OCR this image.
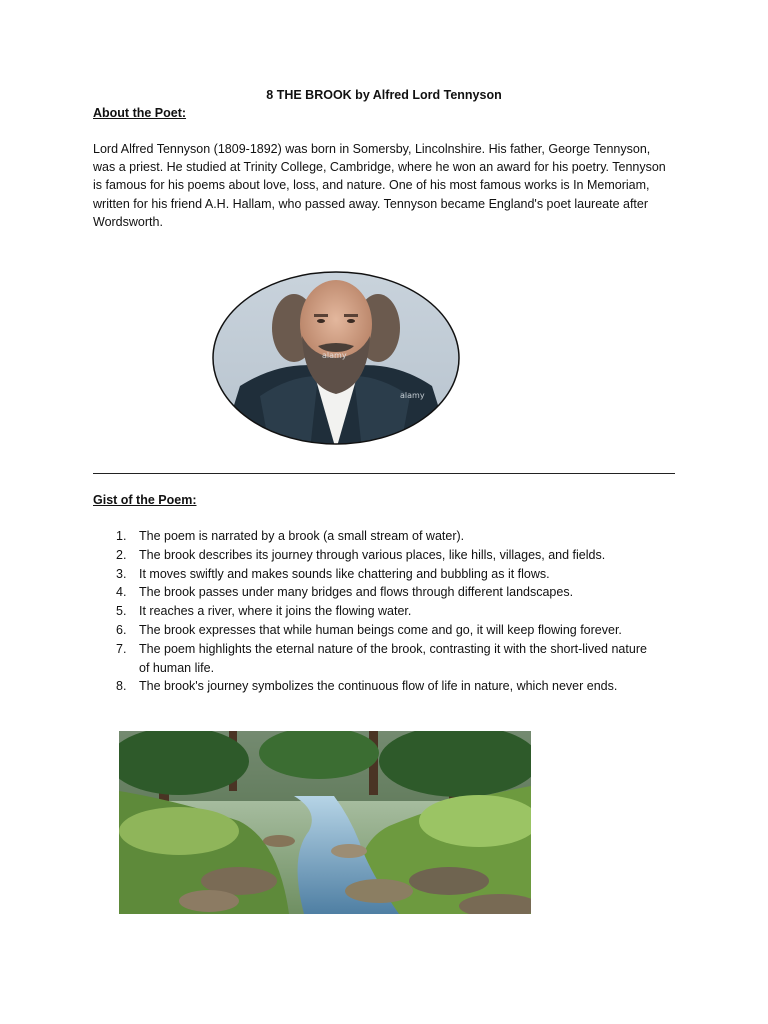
8 THE BROOK by Alfred Lord Tennyson
About the Poet:
Lord Alfred Tennyson (1809-1892) was born in Somersby, Lincolnshire. His father, George Tennyson, was a priest. He studied at Trinity College, Cambridge, where he won an award for his poetry. Tennyson is famous for his poems about love, loss, and nature. One of his most famous works is In Memoriam, written for his friend A.H. Hallam, who passed away. Tennyson became England's poet laureate after Wordsworth.
alamy
alamy
Gist of the Poem:
1. The poem is narrated by a brook (a small stream of water).
2. The brook describes its journey through various places, like hills, villages, and fields.
3. It moves swiftly and makes sounds like chattering and bubbling as it flows.
4. The brook passes under many bridges and flows through different landscapes.
5. It reaches a river, where it joins the flowing water.
6. The brook expresses that while human beings come and go, it will keep flowing forever.
7. The poem highlights the eternal nature of the brook, contrasting it with the short-lived nature of human life.
8. The brook's journey symbolizes the continuous flow of life in nature, which never ends.
